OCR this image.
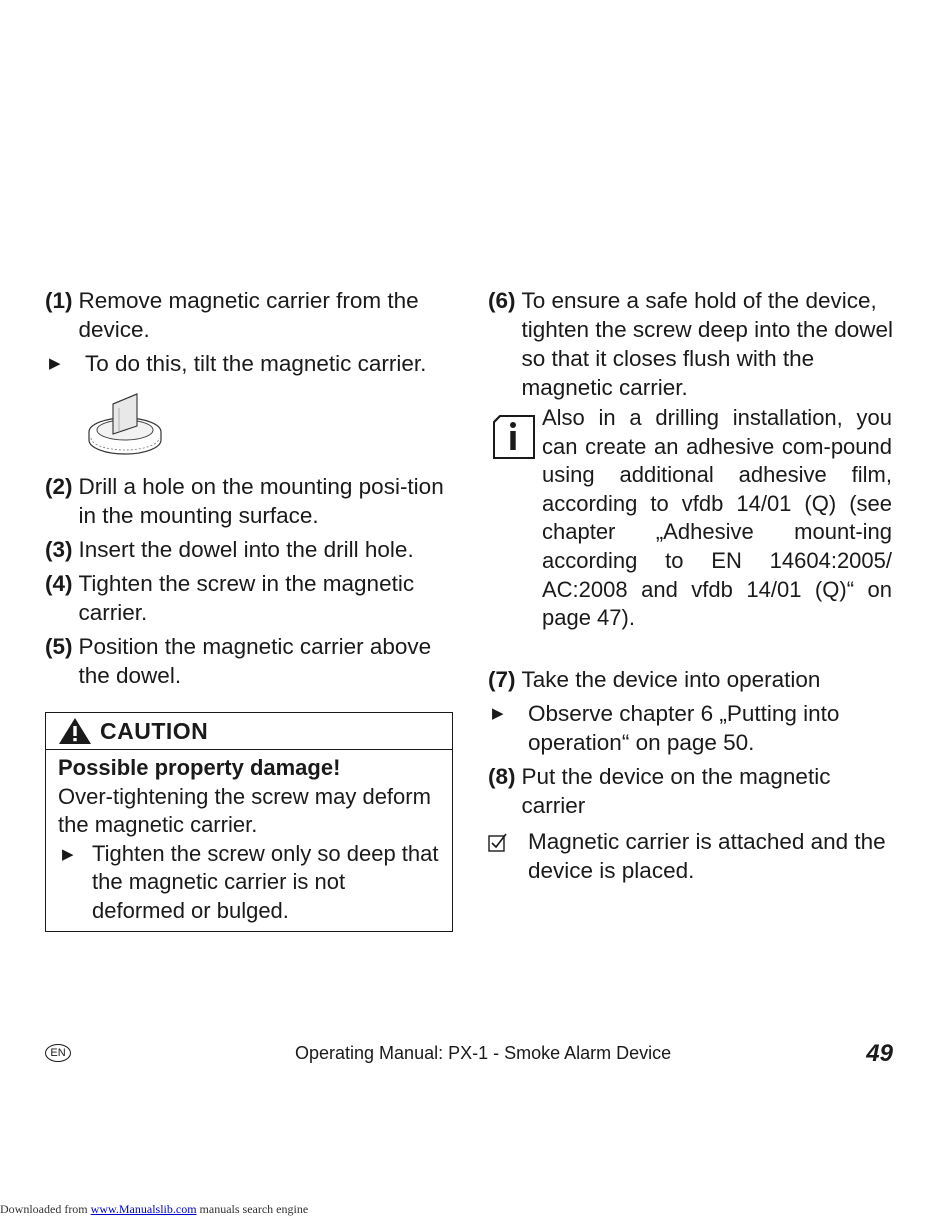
(1) Remove magnetic carrier from the device.
▶	To do this, tilt the magnetic carrier.
(2) Drill a hole on the mounting posi-tion in the mounting surface.
(3) Insert the dowel into the drill hole.
(4) Tighten the screw in the magnetic carrier.
(5) Position the magnetic carrier above the dowel.
CAUTION
Possible property damage!
Over-tightening the screw may deform the magnetic carrier.
▶ Tighten the screw only so deep that the magnetic carrier is not deformed or bulged.
(6) To ensure a safe hold of the device, tighten the screw deep into the dowel so that it closes flush with the magnetic carrier.
Also in a drilling installation, you can create an adhesive com-pound using additional adhesive film, according to vfdb 14/01 (Q) (see chapter „Adhesive mount-ing according to EN 14604:2005/ AC:2008 and vfdb 14/01 (Q)“ on page 47).
(7) Take the device into operation
▶	Observe chapter 6 „Putting into operation“ on page 50.
(8) Put the device on the magnetic carrier
Magnetic carrier is attached and the device is placed.
EN	Operating Manual: PX-1 - Smoke Alarm Device	49
Downloaded from www.Manualslib.com manuals search engine
